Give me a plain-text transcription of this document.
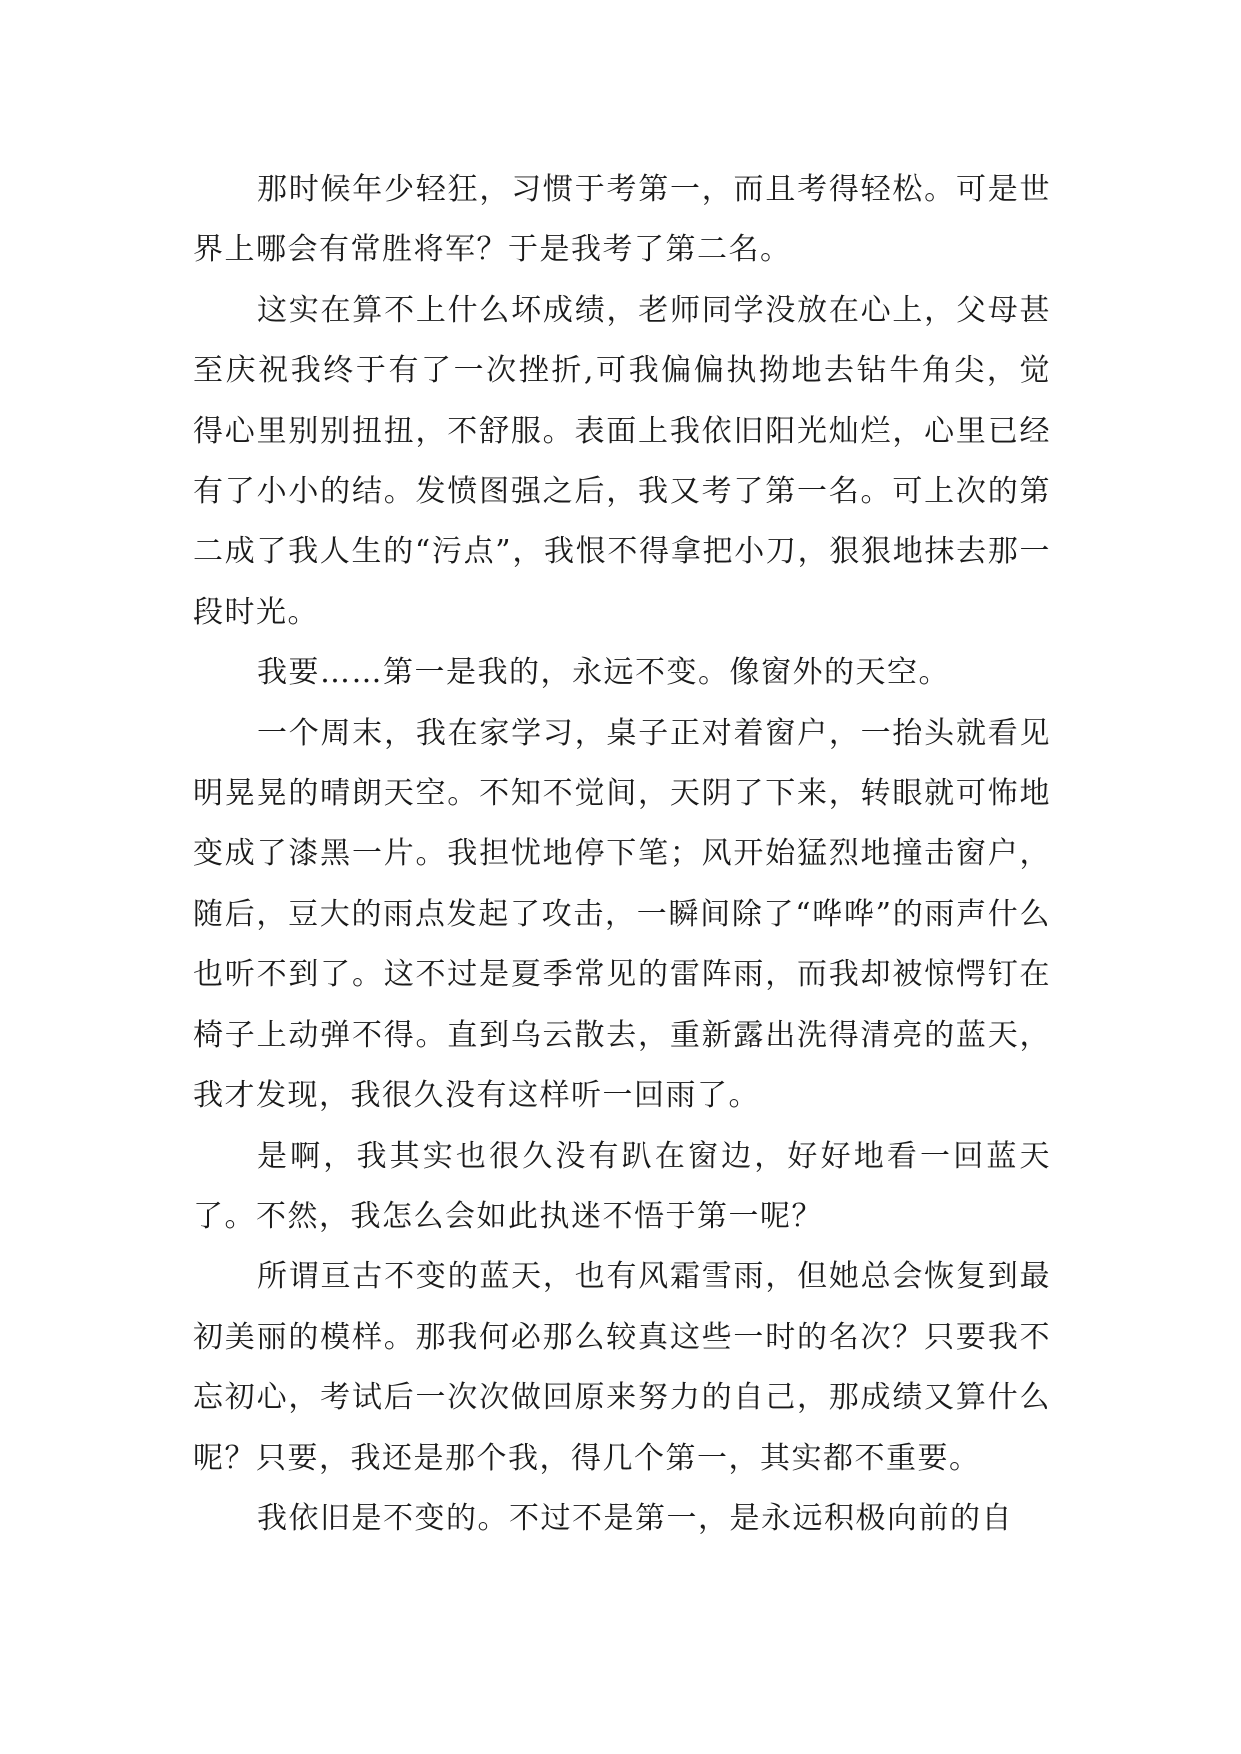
那时候年少轻狂，习惯于考第一，而且考得轻松。可是世界上哪会有常胜将军？于是我考了第二名。

这实在算不上什么坏成绩，老师同学没放在心上，父母甚至庆祝我终于有了一次挫折,可我偏偏执拗地去钻牛角尖，觉得心里别别扭扭，不舒服。表面上我依旧阳光灿烂，心里已经有了小小的结。发愤图强之后，我又考了第一名。可上次的第二成了我人生的“污点”，我恨不得拿把小刀，狠狠地抹去那一段时光。

我要……第一是我的，永远不变。像窗外的天空。

一个周末，我在家学习，桌子正对着窗户，一抬头就看见明晃晃的晴朗天空。不知不觉间，天阴了下来，转眼就可怖地变成了漆黑一片。我担忧地停下笔；风开始猛烈地撞击窗户，随后，豆大的雨点发起了攻击，一瞬间除了“哗哗”的雨声什么也听不到了。这不过是夏季常见的雷阵雨，而我却被惊愕钉在椅子上动弹不得。直到乌云散去，重新露出洗得清亮的蓝天，我才发现，我很久没有这样听一回雨了。

是啊，我其实也很久没有趴在窗边，好好地看一回蓝天了。不然，我怎么会如此执迷不悟于第一呢？

所谓亘古不变的蓝天，也有风霜雪雨，但她总会恢复到最初美丽的模样。那我何必那么较真这些一时的名次？只要我不忘初心，考试后一次次做回原来努力的自己，那成绩又算什么呢？只要，我还是那个我，得几个第一，其实都不重要。

我依旧是不变的。不过不是第一，是永远积极向前的自
